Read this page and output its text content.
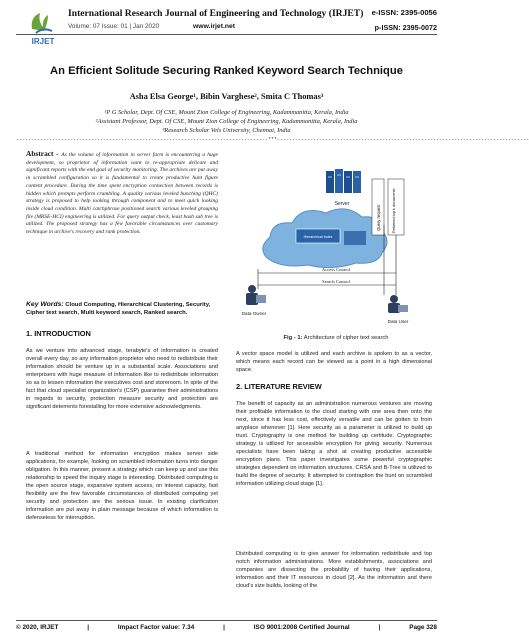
IRJET
International Research Journal of Engineering and Technology (IRJET) e-ISSN: 2395-0056
Volume: 07 Issue: 01 | Jan 2020	www.irjet.net	p-ISSN: 2395-0072
An Efficient Solitude Securing Ranked Keyword Search Technique
Asha Elsa George¹, Bibin Varghese², Smita C Thomas³
¹P G Scholar, Dept. Of CSE, Mount Zion College of Engineering, Kadammanitta, Kerala, India
²Assistant Professor, Dept. Of CSE, Mount Zion College of Engineering, Kadammanitta, Kerala, India
³Research Scholar Vels University, Chennai, India
------------------------------------------------------------------------------------***------------------------------------------------------------------------------------
Abstract - As the volume of information in server farm is encountering a huge development, so proprietor of information want to re-appropriate delicate and significant reports with the end goal of security monitoring. The archives are put away in scrambled configuration so it is fundamental to create productive hunt figure content procedure. During the time spent encryption connection between records is hidden which prompts perform crumbling. A quality various leveled bunching (QHC) strategy is proposed to help looking through component and to meet quick looking inside cloud condition. Multi catchphrase positioned search various leveled grouping file (MRSE-HCI) engineering is utilized. For query output check, least hash sub tree is utilized. The proposed strategy has a few favorable circumstances over customary technique in archive's recovery and rank protection.
Key Words: Cloud Computing, Hierarchical Clustering, Security, Cipher text search, Multi keyword search, Ranked search.
1. INTRODUCTION
As we venture into advanced stage, terabyte's of information is created overall every day, so any information proprietor who need to redistribute their information should be venture up in a substantial scale. Associations and enterprisers with huge measure of information like to redistribute information so as to lessen information the executives cost and storeroom. In spite of the fact that cloud specialist organization's (CSP) guarantee their administrations in regards to security, protection measure security and protection are significant deterrents forestalling for more extensive acknowledgments.
A traditional method for information encryption makes server side applications, for example, looking on scrambled information turns into danger obligation. In this manner, present a strategy which can keep up and use this relationship to speed the inquiry stage is interesting. Distributed computing is the open source stage, expansive system access, on interest capacity, fast flexibility are the few favorable circumstances of distributed computing yet security and protection are the serious issue. In existing clarification information are put away in plain message because of which information is defenseless for interruption.
Server
Hierarchical Index
Query request	Returned top k documents
Access Control
Search Control
Data Owner
Data User
Fig - 1: Architecture of cipher text search
A vector space model is utilized and each archive is spoken to as a vector, which means each record can be viewed as a point in a high dimensional space.
2. LITERATURE REVIEW
The benefit of capacity as an administration numerous ventures are moving their profitable information to the cloud starting with one area then onto the next, since it has less cost, effectively versatile and can be gotten to from anyplace whenever [1]. Here security as a parameter is utilized to build up trust. Cryptography is one method for building up certitude. Cryptographic strategy is utilized for accessible encryption for giving security. Numerous specialists have been taking a shot at creating productive accessible encryption plans. This paper investigates some powerful cryptographic strategies dependent on information structures. CRSA and B-Tree is utilized to build the degree of security. It attempted to contraption the hunt on scrambled information utilizing cloud stage [1].
Distributed computing is to give answer for information redistribute and top notch information administrations. More establishments, associations and companies are dissecting the probability of having their applications, information and their IT resources in cloud [2]. As the information and there cloud's size builds, looking of the
© 2020, IRJET	|	Impact Factor value: 7.34	|	ISO 9001:2008 Certified Journal	|	Page 328
